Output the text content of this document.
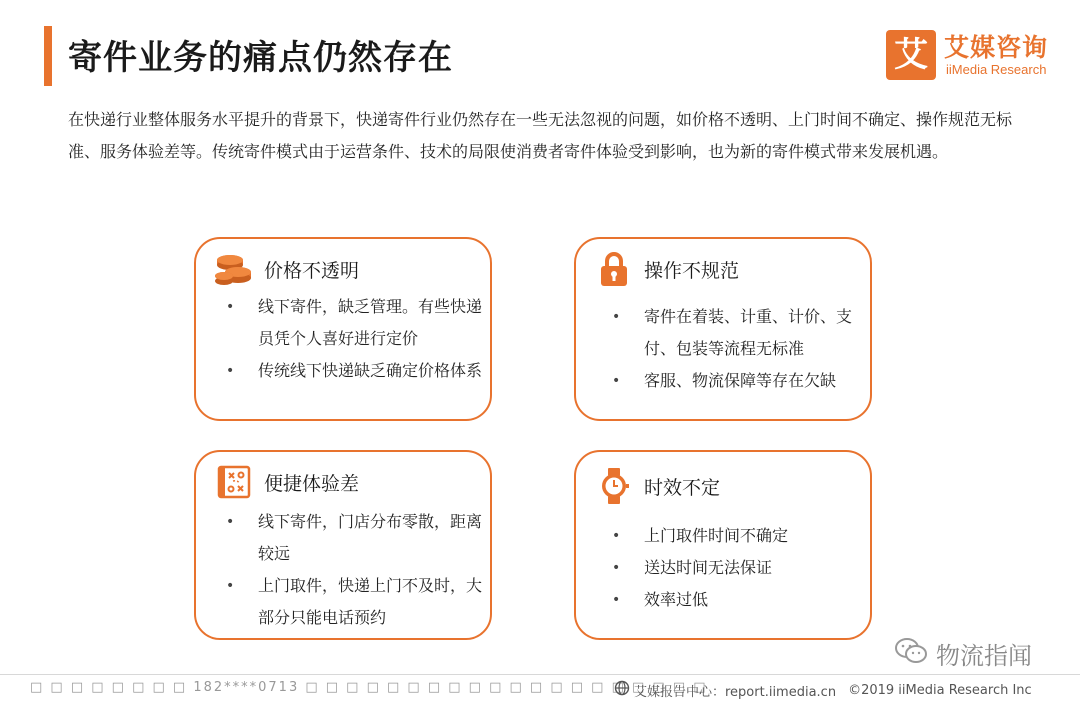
寄件业务的痛点仍然存在	艾 艾媒咨询
iiMedia Research

在快递行业整体服务水平提升的背景下，快递寄件行业仍然存在一些无法忽视的问题，如价格不透明、上门时间不确定、操作规范无标准、服务体验差等。传统寄件模式由于运营条件、技术的局限使消费者寄件体验受到影响，也为新的寄件模式带来发展机遇。

价格不透明
• 线下寄件，缺乏管理。有些快递员凭个人喜好进行定价
• 传统线下快递缺乏确定价格体系
操作不规范
• 寄件在着装、计重、计价、支付、包装等流程无标准
• 客服、物流保障等存在欠缺
便捷体验差
• 线下寄件，门店分布零散，距离较远
• 上门取件，快递上门不及时，大部分只能电话预约
时效不定
• 上门取件时间不确定
• 送达时间无法保证
• 效率过低
物流指闻
□ □ □ □ □ □ □ □ 182****0713 □ □ □ □ □ □ □ □ □ □ □ □ □ □ □ □ □ □ □ □
艾媒报告中心：report.iimedia.cn ©2019 iiMedia Research Inc
